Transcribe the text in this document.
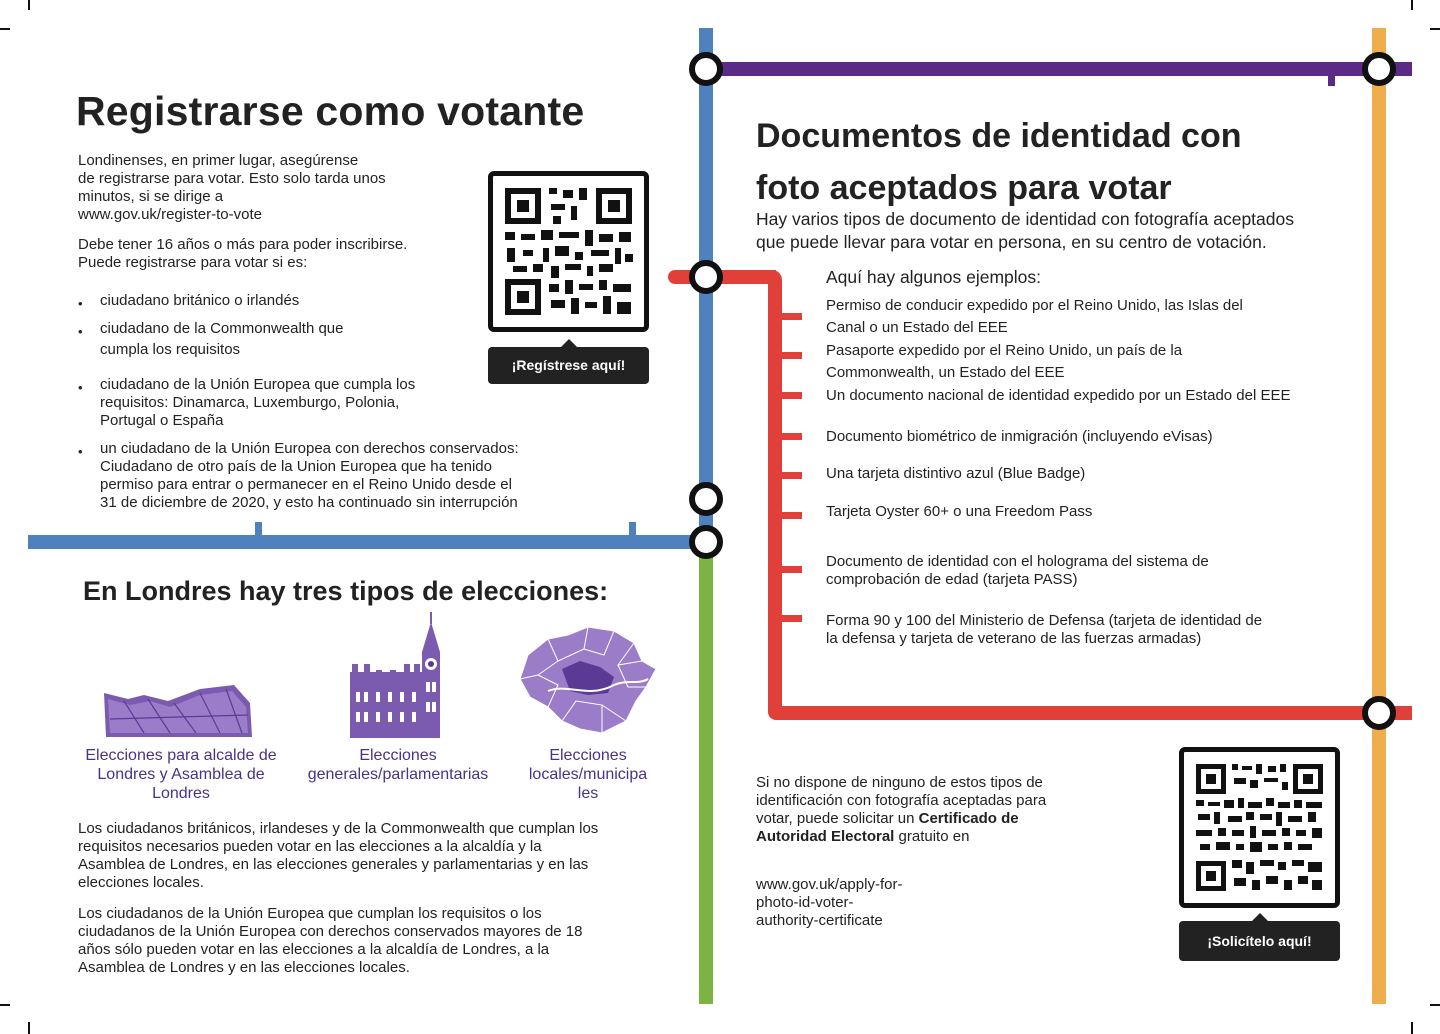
Registrarse como votante
Londinenses, en primer lugar, asegúrense
de registrarse para votar. Esto solo tarda unos
minutos, si se dirige a
www.gov.uk/register-to-vote
Debe tener 16 años o más para poder inscribirse.
Puede registrarse para votar si es:
• ciudadano británico o irlandés
• ciudadano de la Commonwealth que
cumpla los requisitos
• ciudadano de la Unión Europea que cumpla los
requisitos: Dinamarca, Luxemburgo, Polonia,
Portugal o España
• un ciudadano de la Unión Europea con derechos conservados:
Ciudadano de otro país de la Union Europea que ha tenido
permiso para entrar o permanecer en el Reino Unido desde el
31 de diciembre de 2020, y esto ha continuado sin interrupción
¡Regístrese aquí!
En Londres hay tres tipos de elecciones:
Elecciones para alcalde de
Londres y Asamblea de
Londres
Elecciones
generales/parlamentarias
Elecciones
locales/municipa
les
Los ciudadanos británicos, irlandeses y de la Commonwealth que cumplan los
requisitos necesarios pueden votar en las elecciones a la alcaldía y la
Asamblea de Londres, en las elecciones generales y parlamentarias y en las
elecciones locales.
Los ciudadanos de la Unión Europea que cumplan los requisitos o los
ciudadanos de la Unión Europea con derechos conservados mayores de 18
años sólo pueden votar en las elecciones a la alcaldía de Londres, a la
Asamblea de Londres y en las elecciones locales.
Documentos de identidad con
foto aceptados para votar
Hay varios tipos de documento de identidad con fotografía aceptados
que puede llevar para votar en persona, en su centro de votación.
Aquí hay algunos ejemplos:
Permiso de conducir expedido por el Reino Unido, las Islas del
Canal o un Estado del EEE
Pasaporte expedido por el Reino Unido, un país de la
Commonwealth, un Estado del EEE
Un documento nacional de identidad expedido por un Estado del EEE
Documento biométrico de inmigración (incluyendo eVisas)
Una tarjeta distintivo azul (Blue Badge)
Tarjeta Oyster 60+ o una Freedom Pass
Documento de identidad con el holograma del sistema de
comprobación de edad (tarjeta PASS)
Forma 90 y 100 del Ministerio de Defensa (tarjeta de identidad de
la defensa y tarjeta de veterano de las fuerzas armadas)
Si no dispone de ninguno de estos tipos de
identificación con fotografía aceptadas para
votar, puede solicitar un Certificado de
Autoridad Electoral gratuito en
www.gov.uk/apply-for-
photo-id-voter-
authority-certificate
¡Solicítelo aquí!
